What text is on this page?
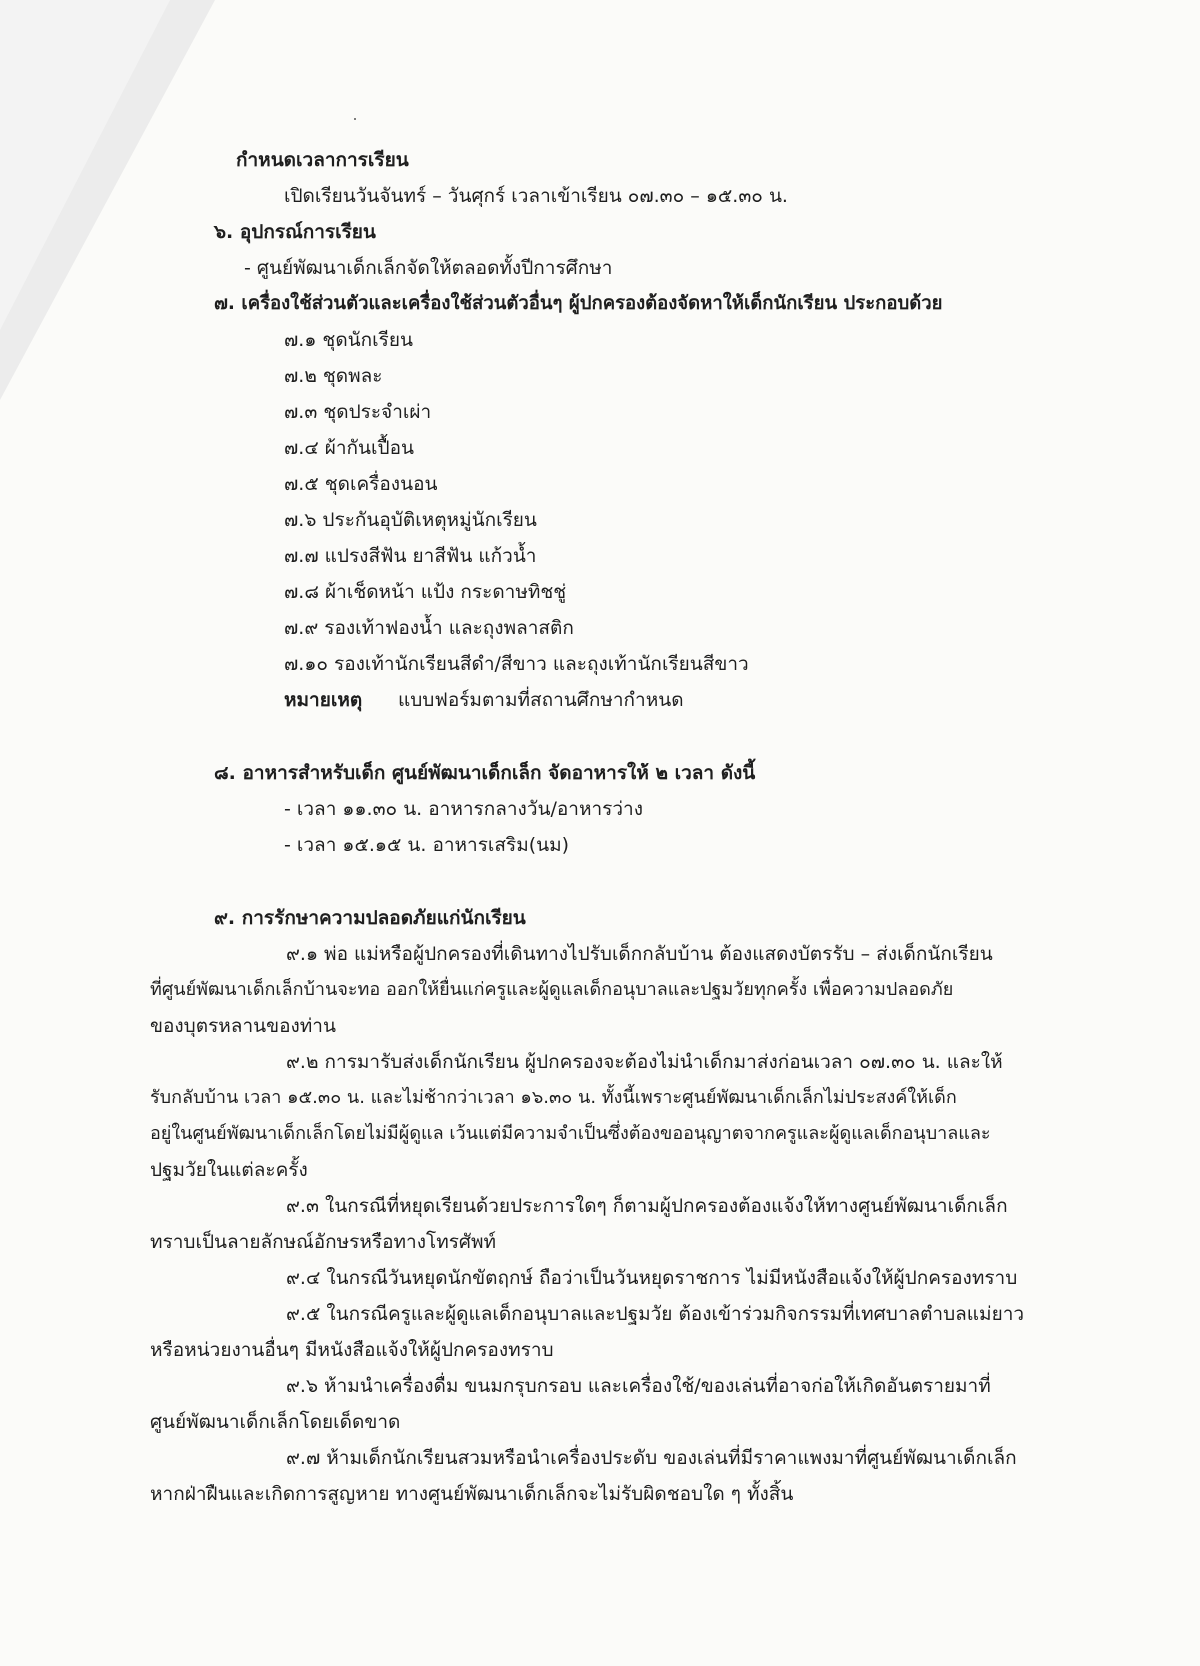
กำหนดเวลาการเรียน
เปิดเรียนวันจันทร์ – วันศุกร์ เวลาเข้าเรียน ๐๗.๓๐ – ๑๕.๓๐ น.
๖. อุปกรณ์การเรียน
- ศูนย์พัฒนาเด็กเล็กจัดให้ตลอดทั้งปีการศึกษา
๗. เครื่องใช้ส่วนตัวและเครื่องใช้ส่วนตัวอื่นๆ ผู้ปกครองต้องจัดหาให้เด็กนักเรียน ประกอบด้วย
๗.๑ ชุดนักเรียน
๗.๒ ชุดพละ
๗.๓ ชุดประจำเผ่า
๗.๔ ผ้ากันเปื้อน
๗.๕ ชุดเครื่องนอน
๗.๖ ประกันอุบัติเหตุหมู่นักเรียน
๗.๗ แปรงสีฟัน ยาสีฟัน แก้วน้ำ
๗.๘ ผ้าเช็ดหน้า แป้ง กระดาษทิชชู่
๗.๙ รองเท้าฟองน้ำ และถุงพลาสติก
๗.๑๐ รองเท้านักเรียนสีดำ/สีขาว และถุงเท้านักเรียนสีขาว
หมายเหตุ แบบฟอร์มตามที่สถานศึกษากำหนด
๘. อาหารสำหรับเด็ก ศูนย์พัฒนาเด็กเล็ก จัดอาหารให้ ๒ เวลา ดังนี้
- เวลา ๑๑.๓๐ น. อาหารกลางวัน/อาหารว่าง
- เวลา ๑๕.๑๕ น. อาหารเสริม(นม)
๙. การรักษาความปลอดภัยแก่นักเรียน
๙.๑ พ่อ แม่หรือผู้ปกครองที่เดินทางไปรับเด็กกลับบ้าน ต้องแสดงบัตรรับ – ส่งเด็กนักเรียน
ที่ศูนย์พัฒนาเด็กเล็กบ้านจะทอ ออกให้ยื่นแก่ครูและผู้ดูแลเด็กอนุบาลและปฐมวัยทุกครั้ง เพื่อความปลอดภัย
ของบุตรหลานของท่าน
๙.๒ การมารับส่งเด็กนักเรียน ผู้ปกครองจะต้องไม่นำเด็กมาส่งก่อนเวลา ๐๗.๓๐ น. และให้
รับกลับบ้าน เวลา ๑๕.๓๐ น. และไม่ช้ากว่าเวลา ๑๖.๓๐ น. ทั้งนี้เพราะศูนย์พัฒนาเด็กเล็กไม่ประสงค์ให้เด็ก
อยู่ในศูนย์พัฒนาเด็กเล็กโดยไม่มีผู้ดูแล เว้นแต่มีความจำเป็นซึ่งต้องขออนุญาตจากครูและผู้ดูแลเด็กอนุบาลและ
ปฐมวัยในแต่ละครั้ง
๙.๓ ในกรณีที่หยุดเรียนด้วยประการใดๆ ก็ตามผู้ปกครองต้องแจ้งให้ทางศูนย์พัฒนาเด็กเล็ก
ทราบเป็นลายลักษณ์อักษรหรือทางโทรศัพท์
๙.๔ ในกรณีวันหยุดนักขัตฤกษ์ ถือว่าเป็นวันหยุดราชการ ไม่มีหนังสือแจ้งให้ผู้ปกครองทราบ
๙.๕ ในกรณีครูและผู้ดูแลเด็กอนุบาลและปฐมวัย ต้องเข้าร่วมกิจกรรมที่เทศบาลตำบลแม่ยาว
หรือหน่วยงานอื่นๆ มีหนังสือแจ้งให้ผู้ปกครองทราบ
๙.๖ ห้ามนำเครื่องดื่ม ขนมกรุบกรอบ และเครื่องใช้/ของเล่นที่อาจก่อให้เกิดอันตรายมาที่
ศูนย์พัฒนาเด็กเล็กโดยเด็ดขาด
๙.๗ ห้ามเด็กนักเรียนสวมหรือนำเครื่องประดับ ของเล่นที่มีราคาแพงมาที่ศูนย์พัฒนาเด็กเล็ก
หากฝ่าฝืนและเกิดการสูญหาย ทางศูนย์พัฒนาเด็กเล็กจะไม่รับผิดชอบใด ๆ ทั้งสิ้น
